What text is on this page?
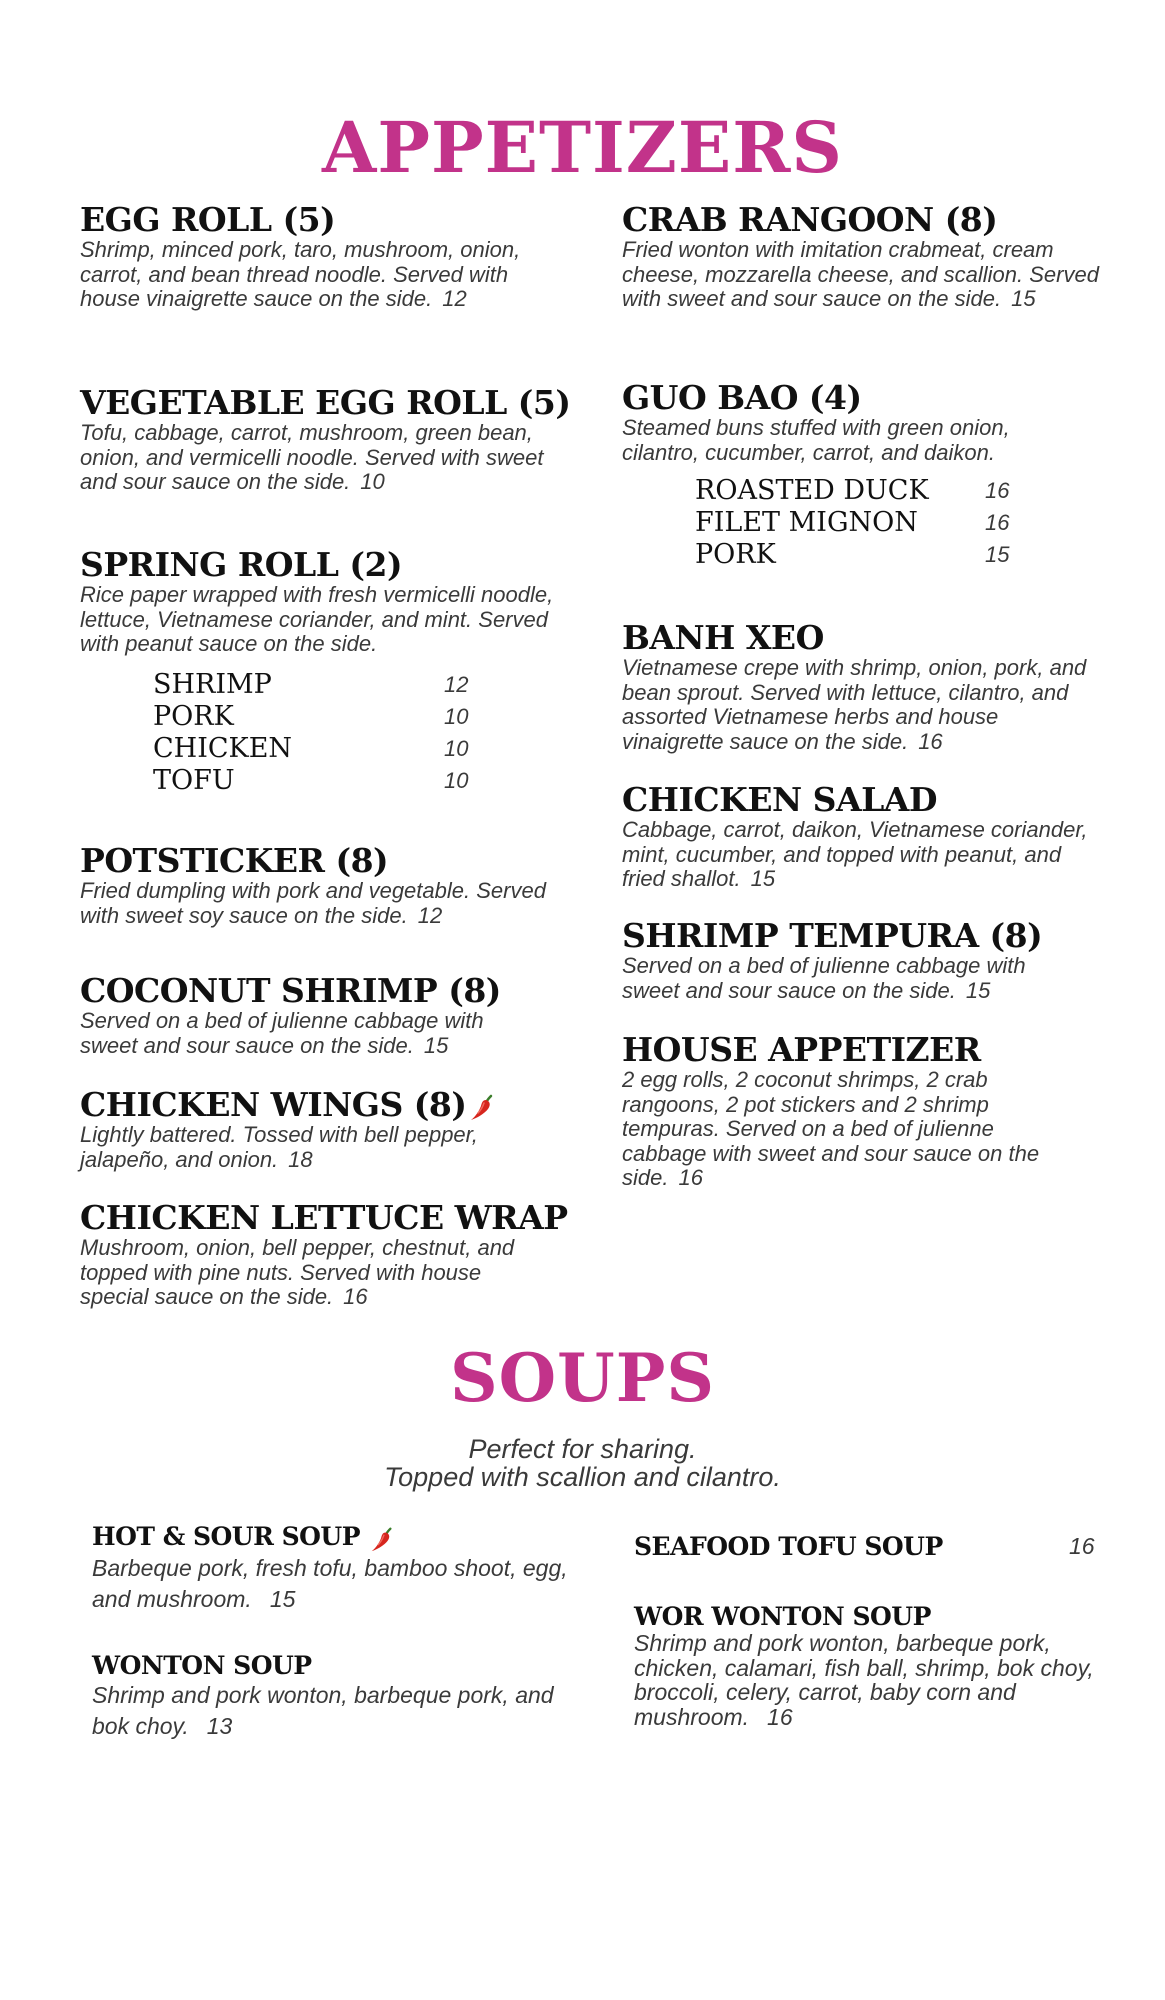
APPETIZERS
EGG ROLL (5)
Shrimp, minced pork, taro, mushroom, onion, carrot, and bean thread noodle. Served with house vinaigrette sauce on the side. 12
VEGETABLE EGG ROLL (5)
Tofu, cabbage, carrot, mushroom, green bean, onion, and vermicelli noodle. Served with sweet and sour sauce on the side. 10
SPRING ROLL (2)
Rice paper wrapped with fresh vermicelli noodle, lettuce, Vietnamese coriander, and mint. Served with peanut sauce on the side.
SHRIMP	12
PORK	10
CHICKEN	10
TOFU	10
POTSTICKER (8)
Fried dumpling with pork and vegetable. Served with sweet soy sauce on the side. 12
COCONUT SHRIMP (8)
Served on a bed of julienne cabbage with sweet and sour sauce on the side. 15
CHICKEN WINGS (8)
Lightly battered. Tossed with bell pepper, jalapeño, and onion. 18
CHICKEN LETTUCE WRAP
Mushroom, onion, bell pepper, chestnut, and topped with pine nuts. Served with house special sauce on the side. 16
CRAB RANGOON (8)
Fried wonton with imitation crabmeat, cream cheese, mozzarella cheese, and scallion. Served with sweet and sour sauce on the side. 15
GUO BAO (4)
Steamed buns stuffed with green onion, cilantro, cucumber, carrot, and daikon.
ROASTED DUCK	16
FILET MIGNON	16
PORK	15
BANH XEO
Vietnamese crepe with shrimp, onion, pork, and bean sprout. Served with lettuce, cilantro, and assorted Vietnamese herbs and house vinaigrette sauce on the side. 16
CHICKEN SALAD
Cabbage, carrot, daikon, Vietnamese coriander, mint, cucumber, and topped with peanut, and fried shallot. 15
SHRIMP TEMPURA (8)
Served on a bed of julienne cabbage with sweet and sour sauce on the side. 15
HOUSE APPETIZER
2 egg rolls, 2 coconut shrimps, 2 crab rangoons, 2 pot stickers and 2 shrimp tempuras. Served on a bed of julienne cabbage with sweet and sour sauce on the side. 16
SOUPS
Perfect for sharing.
Topped with scallion and cilantro.
HOT & SOUR SOUP
Barbeque pork, fresh tofu, bamboo shoot, egg, and mushroom. 15
WONTON SOUP
Shrimp and pork wonton, barbeque pork, and bok choy. 13
SEAFOOD TOFU SOUP	16
WOR WONTON SOUP
Shrimp and pork wonton, barbeque pork, chicken, calamari, fish ball, shrimp, bok choy, broccoli, celery, carrot, baby corn and mushroom. 16
